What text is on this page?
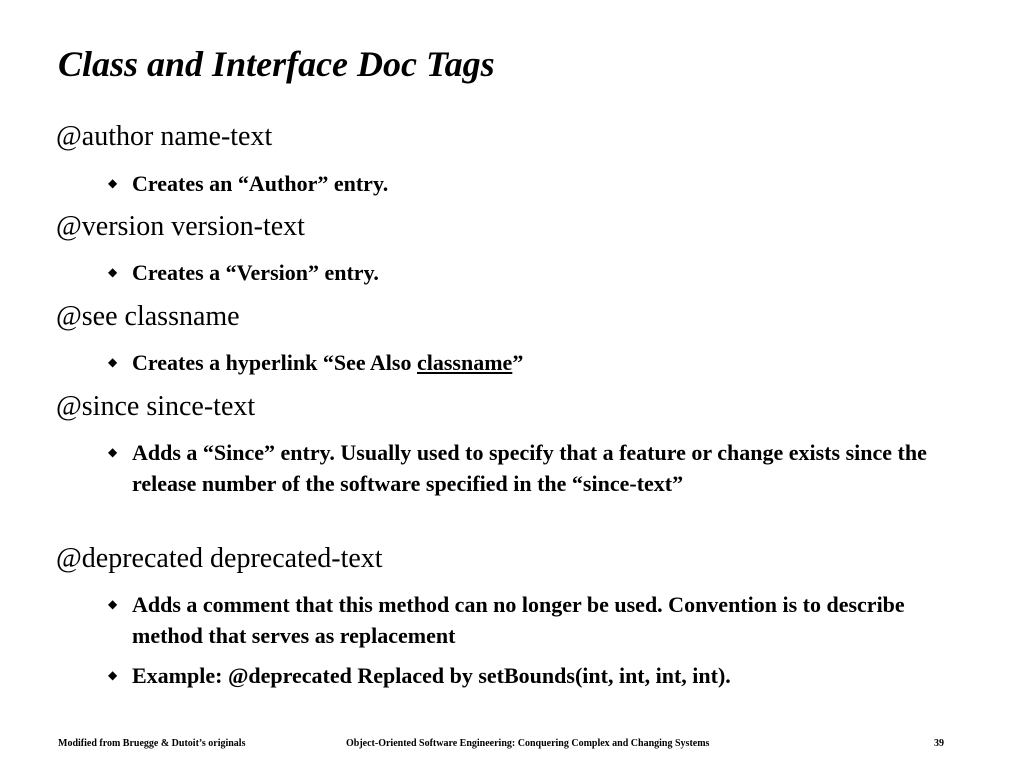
Class and Interface Doc Tags
@author name-text
◆ Creates an “Author” entry.
@version version-text
◆ Creates a “Version” entry.
@see classname
◆ Creates a hyperlink “See Also classname”
@since since-text
◆ Adds a “Since” entry. Usually used to specify that a feature or change exists since the release number of the software specified in the “since-text”
@deprecated deprecated-text
◆ Adds a comment that this method can no longer be used. Convention is to describe method that serves as replacement
◆ Example: @deprecated Replaced by setBounds(int, int, int, int).
Modified from Bruegge & Dutoit’s originals	Object-Oriented Software Engineering: Conquering Complex and Changing Systems	39
